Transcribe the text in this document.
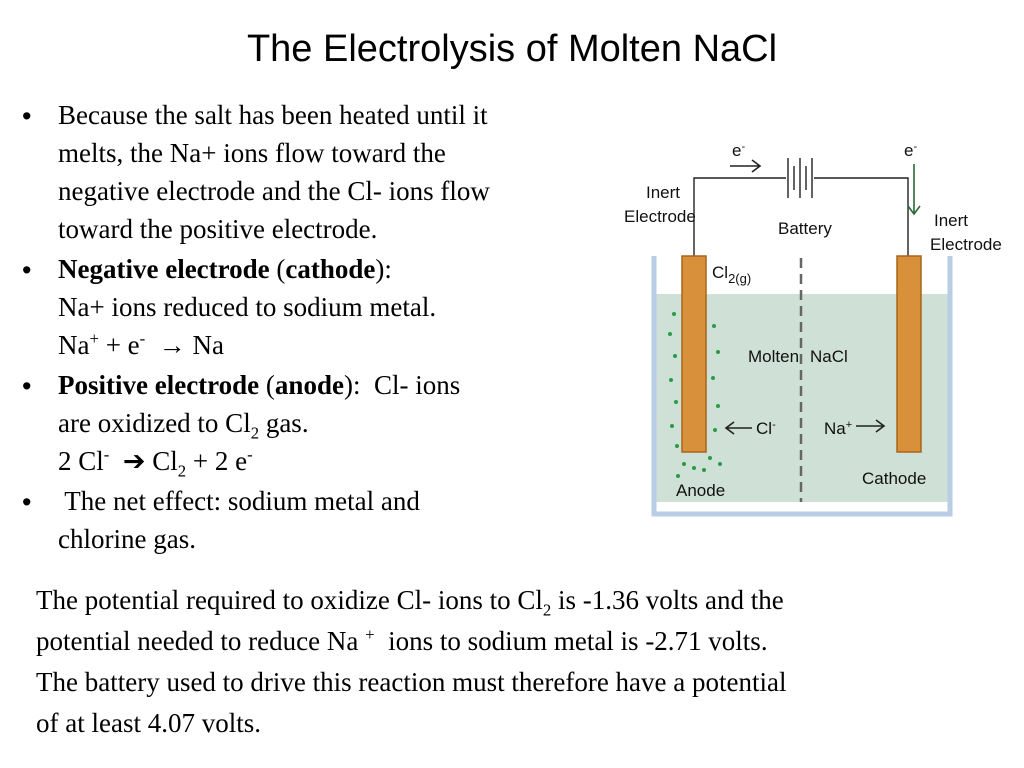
The Electrolysis of Molten NaCl
• Because the salt has been heated until it
melts, the Na+ ions flow toward the
negative electrode and the Cl- ions flow
toward the positive electrode.
• Negative electrode (cathode):
Na+ ions reduced to sodium metal.
Na+ + e-  → Na
• Positive electrode (anode):  Cl- ions
are oxidized to $Cl_2$ gas.
2 Cl-  ➔ $Cl_2 + 2$ e-
• The net effect: sodium metal and
chlorine gas.
e-	e-
Inert
Electrode	Inert
Electrode
Battery
$Cl_{2(g)}$
Molten NaCl
Cl-	Na+
Anode
Cathode
The potential required to oxidize Cl- ions to $Cl_2$ is -1.36 volts and the
potential needed to reduce Na +  ions to sodium metal is -2.71 volts.
The battery used to drive this reaction must therefore have a potential
of at least 4.07 volts.
